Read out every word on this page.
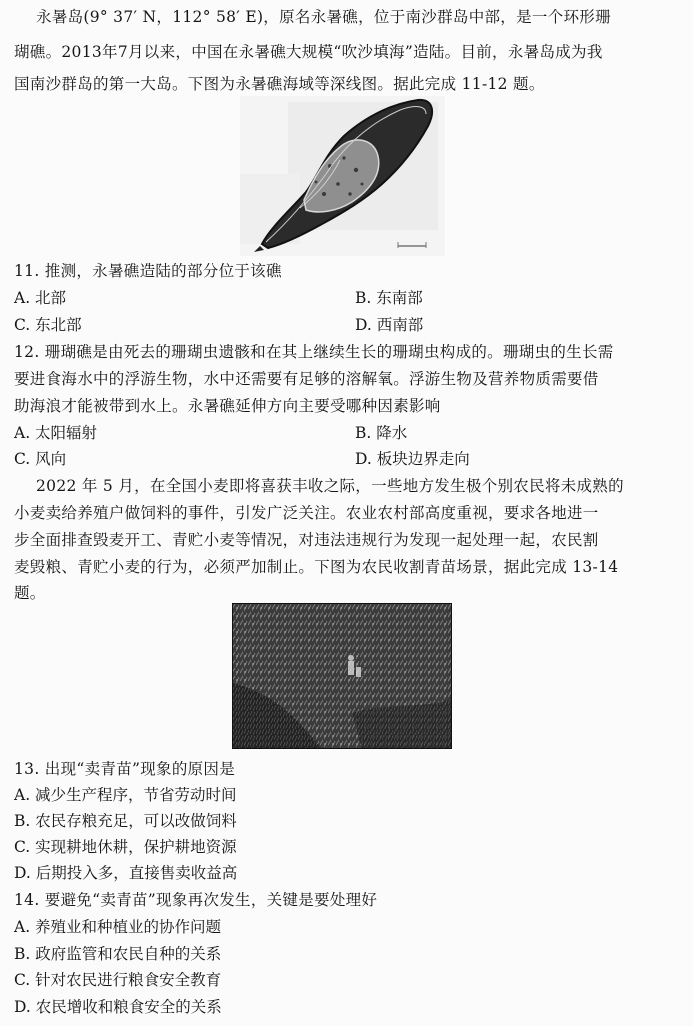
永暑岛(9° 37′ N，112° 58′ E)，原名永暑礁，位于南沙群岛中部，是一个环形珊
瑚礁。2013年7月以来，中国在永暑礁大规模“吹沙填海”造陆。目前，永暑岛成为我
国南沙群岛的第一大岛。下图为永暑礁海域等深线图。据此完成 11-12 题。
11. 推测，永暑礁造陆的部分位于该礁
A. 北部	B. 东南部
C. 东北部	D. 西南部
12. 珊瑚礁是由死去的珊瑚虫遗骸和在其上继续生长的珊瑚虫构成的。珊瑚虫的生长需
要进食海水中的浮游生物，水中还需要有足够的溶解氧。浮游生物及营养物质需要借
助海浪才能被带到水上。永暑礁延伸方向主要受哪种因素影响
A. 太阳辐射	B. 降水
C. 风向	D. 板块边界走向
2022 年 5 月，在全国小麦即将喜获丰收之际，一些地方发生极个别农民将未成熟的
小麦卖给养殖户做饲料的事件，引发广泛关注。农业农村部高度重视，要求各地进一
步全面排查毁麦开工、青贮小麦等情况，对违法违规行为发现一起处理一起，农民割
麦毁粮、青贮小麦的行为，必须严加制止。下图为农民收割青苗场景，据此完成 13-14
题。
13. 出现“卖青苗”现象的原因是
A. 减少生产程序，节省劳动时间
B. 农民存粮充足，可以改做饲料
C. 实现耕地休耕，保护耕地资源
D. 后期投入多，直接售卖收益高
14. 要避免“卖青苗”现象再次发生，关键是要处理好
A. 养殖业和种植业的协作问题
B. 政府监管和农民自种的关系
C. 针对农民进行粮食安全教育
D. 农民增收和粮食安全的关系
